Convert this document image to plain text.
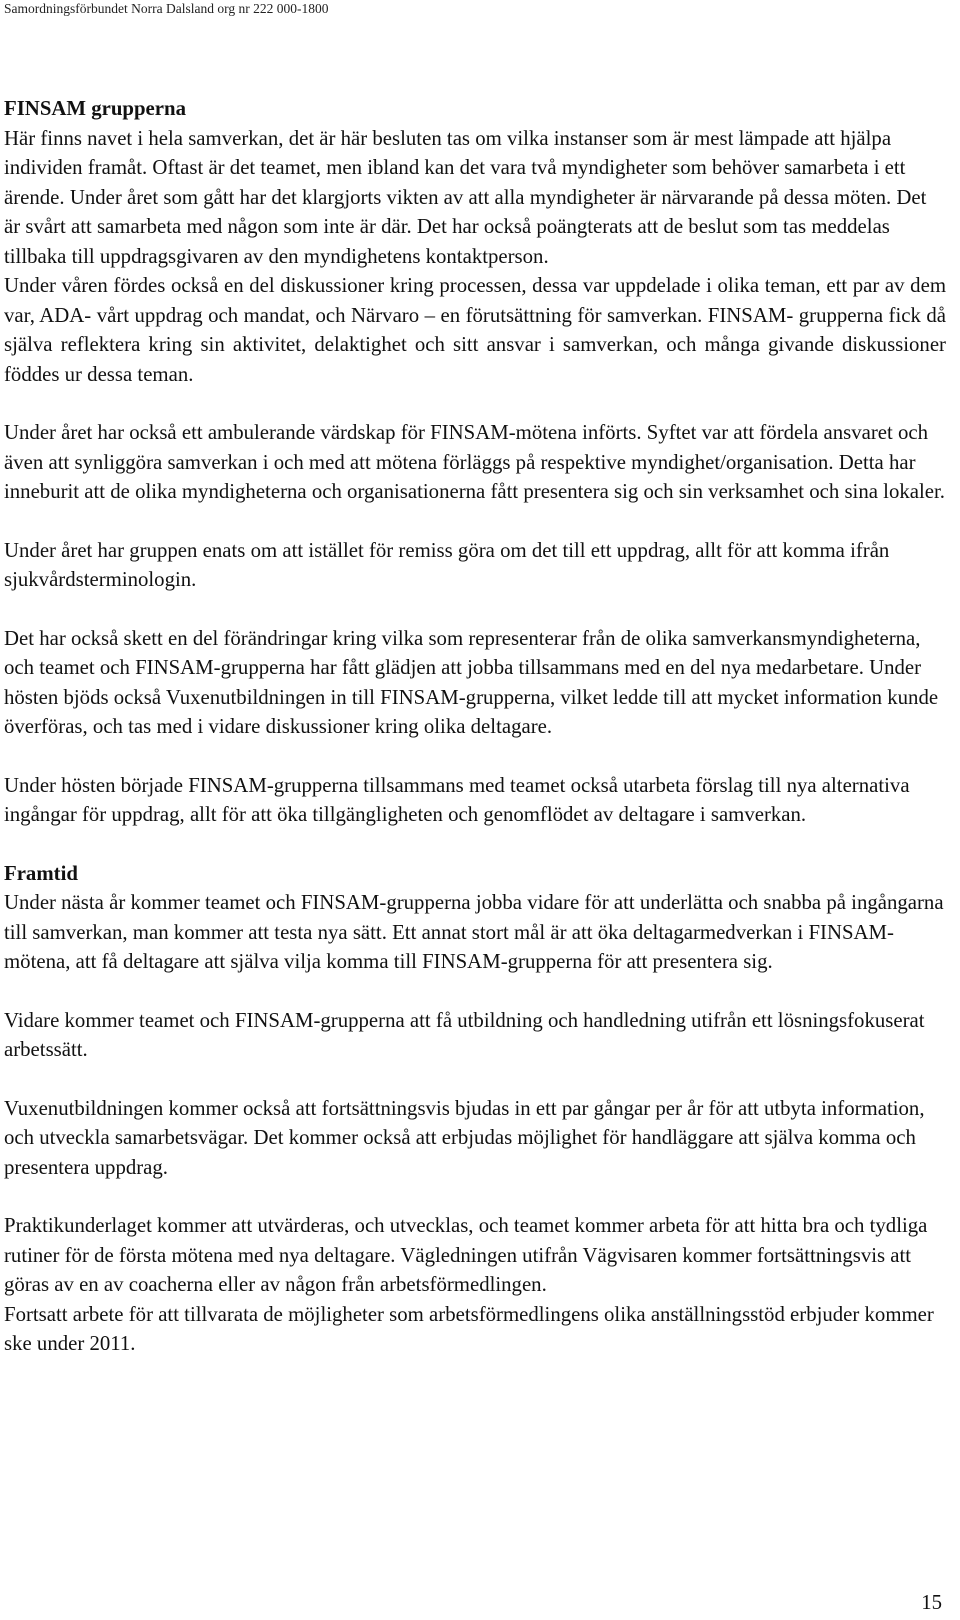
Samordningsförbundet Norra Dalsland org nr 222 000-1800

FINSAM grupperna

Här finns navet i hela samverkan, det är här besluten tas om vilka instanser som är mest lämpade att hjälpa individen framåt. Oftast är det teamet, men ibland kan det vara två myndigheter som behöver samarbeta i ett ärende. Under året som gått har det klargjorts vikten av att alla myndigheter är närvarande på dessa möten. Det är svårt att samarbeta med någon som inte är där. Det har också poängterats att de beslut som tas meddelas tillbaka till uppdragsgivaren av den myndighetens kontaktperson.

Under våren fördes också en del diskussioner kring processen, dessa var uppdelade i olika teman, ett par av dem var, ADA- vårt uppdrag och mandat, och Närvaro – en förutsättning för samverkan. FINSAM- grupperna fick då själva reflektera kring sin aktivitet, delaktighet och sitt ansvar i samverkan, och många givande diskussioner föddes ur dessa teman.

Under året har också ett ambulerande värdskap för FINSAM-mötena införts. Syftet var att fördela ansvaret och även att synliggöra samverkan i och med att mötena förläggs på respektive myndighet/organisation. Detta har inneburit att de olika myndigheterna och organisationerna fått presentera sig och sin verksamhet och sina lokaler.

Under året har gruppen enats om att istället för remiss göra om det till ett uppdrag, allt för att komma ifrån sjukvårdsterminologin.

Det har också skett en del förändringar kring vilka som representerar från de olika samverkansmyndigheterna, och teamet och FINSAM-grupperna har fått glädjen att jobba tillsammans med en del nya medarbetare. Under hösten bjöds också Vuxenutbildningen in till FINSAM-grupperna, vilket ledde till att mycket information kunde överföras, och tas med i vidare diskussioner kring olika deltagare.

Under hösten började FINSAM-grupperna tillsammans med teamet också utarbeta förslag till nya alternativa ingångar för uppdrag, allt för att öka tillgängligheten och genomflödet av deltagare i samverkan.

Framtid

Under nästa år kommer teamet och FINSAM-grupperna jobba vidare för att underlätta och snabba på ingångarna till samverkan, man kommer att testa nya sätt. Ett annat stort mål är att öka deltagarmedverkan i FINSAM-mötena, att få deltagare att själva vilja komma till FINSAM-grupperna för att presentera sig.

Vidare kommer teamet och FINSAM-grupperna att få utbildning och handledning utifrån ett lösningsfokuserat arbetssätt.

Vuxenutbildningen kommer också att fortsättningsvis bjudas in ett par gångar per år för att utbyta information, och utveckla samarbetsvägar. Det kommer också att erbjudas möjlighet för handläggare att själva komma och presentera uppdrag.

Praktikunderlaget kommer att utvärderas, och utvecklas, och teamet kommer arbeta för att hitta bra och tydliga rutiner för de första mötena med nya deltagare. Vägledningen utifrån Vägvisaren kommer fortsättningsvis att göras av en av coacherna eller av någon från arbetsförmedlingen.

Fortsatt arbete för att tillvarata de möjligheter som arbetsförmedlingens olika anställningsstöd erbjuder kommer ske under 2011.

15
